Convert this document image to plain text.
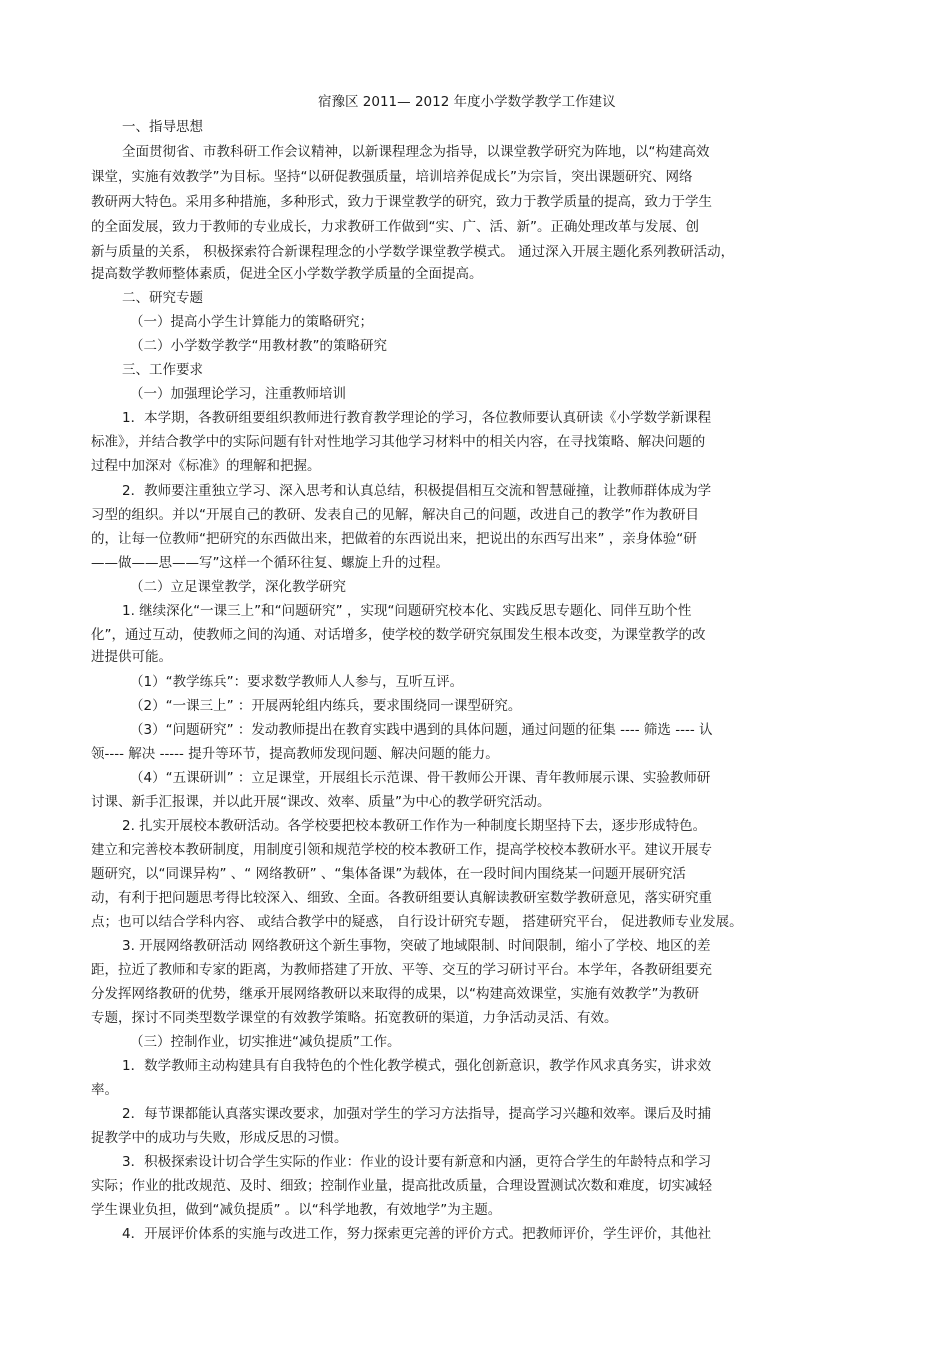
宿豫区 2011— 2012 年度小学数学教学工作建议

一、指导思想

全面贯彻省、市教科研工作会议精神，以新课程理念为指导，以课堂教学研究为阵地，以“构建高效

课堂，实施有效教学”为目标。坚持“以研促教强质量，培训培养促成长”为宗旨，突出课题研究、网络

教研两大特色。采用多种措施，多种形式，致力于课堂教学的研究，致力于教学质量的提高，致力于学生

的全面发展，致力于教师的专业成长，力求教研工作做到“实、广、活、新”。正确处理改革与发展、创

新与质量的关系， 积极探索符合新课程理念的小学数学课堂教学模式。 通过深入开展主题化系列教研活动，

提高数学教师整体素质，促进全区小学数学教学质量的全面提高。

二、研究专题

（一）提高小学生计算能力的策略研究；

（二）小学数学教学“用教材教”的策略研究

三、工作要求

（一）加强理论学习，注重教师培训

1．本学期，各教研组要组织教师进行教育教学理论的学习，各位教师要认真研读《小学数学新课程

标准》，并结合教学中的实际问题有针对性地学习其他学习材料中的相关内容，在寻找策略、解决问题的

过程中加深对《标准》的理解和把握。

2．教师要注重独立学习、深入思考和认真总结，积极提倡相互交流和智慧碰撞，让教师群体成为学

习型的组织。并以“开展自己的教研、发表自己的见解，解决自己的问题，改进自己的教学”作为教研目

的，让每一位教师“把研究的东西做出来，把做着的东西说出来，把说出的东西写出来” ，亲身体验“研

——做——思——写”这样一个循环往复、螺旋上升的过程。

（二）立足课堂教学，深化教学研究

1. 继续深化“一课三上”和“问题研究” ，实现“问题研究校本化、实践反思专题化、同伴互助个性

化”，通过互动，使教师之间的沟通、对话增多，使学校的数学研究氛围发生根本改变，为课堂教学的改

进提供可能。

（1）“教学练兵”：要求数学教师人人参与，互听互评。

（2）“一课三上” ：开展两轮组内练兵，要求围绕同一课型研究。

（3）“问题研究” ：发动教师提出在教育实践中遇到的具体问题，通过问题的征集 ---- 筛选 ---- 认

领---- 解决 ----- 提升等环节，提高教师发现问题、解决问题的能力。

（4）“五课研训” ：立足课堂，开展组长示范课、骨干教师公开课、青年教师展示课、实验教师研

讨课、新手汇报课，并以此开展“课改、效率、质量”为中心的教学研究活动。

2. 扎实开展校本教研活动。各学校要把校本教研工作作为一种制度长期坚持下去，逐步形成特色。

建立和完善校本教研制度，用制度引领和规范学校的校本教研工作，提高学校校本教研水平。建议开展专

题研究，以“同课异构” 、“ 网络教研” 、“集体备课”为载体，在一段时间内围绕某一问题开展研究活

动，有利于把问题思考得比较深入、细致、全面。各教研组要认真解读教研室数学教研意见，落实研究重

点；也可以结合学科内容、 或结合教学中的疑惑， 自行设计研究专题， 搭建研究平台， 促进教师专业发展。

3. 开展网络教研活动 网络教研这个新生事物，突破了地域限制、时间限制，缩小了学校、地区的差

距，拉近了教师和专家的距离，为教师搭建了开放、平等、交互的学习研讨平台。本学年，各教研组要充

分发挥网络教研的优势，继承开展网络教研以来取得的成果，以“构建高效课堂，实施有效教学”为教研

专题，探讨不同类型数学课堂的有效教学策略。拓宽教研的渠道，力争活动灵活、有效。

（三）控制作业，切实推进“减负提质”工作。

1．数学教师主动构建具有自我特色的个性化教学模式，强化创新意识，教学作风求真务实，讲求效

率。

2．每节课都能认真落实课改要求，加强对学生的学习方法指导，提高学习兴趣和效率。课后及时捕

捉教学中的成功与失败，形成反思的习惯。

3．积极探索设计切合学生实际的作业：作业的设计要有新意和内涵，更符合学生的年龄特点和学习

实际；作业的批改规范、及时、细致；控制作业量，提高批改质量，合理设置测试次数和难度，切实减轻

学生课业负担，做到“减负提质” 。以“科学地教，有效地学”为主题。

4．开展评价体系的实施与改进工作，努力探索更完善的评价方式。把教师评价，学生评价，其他社
